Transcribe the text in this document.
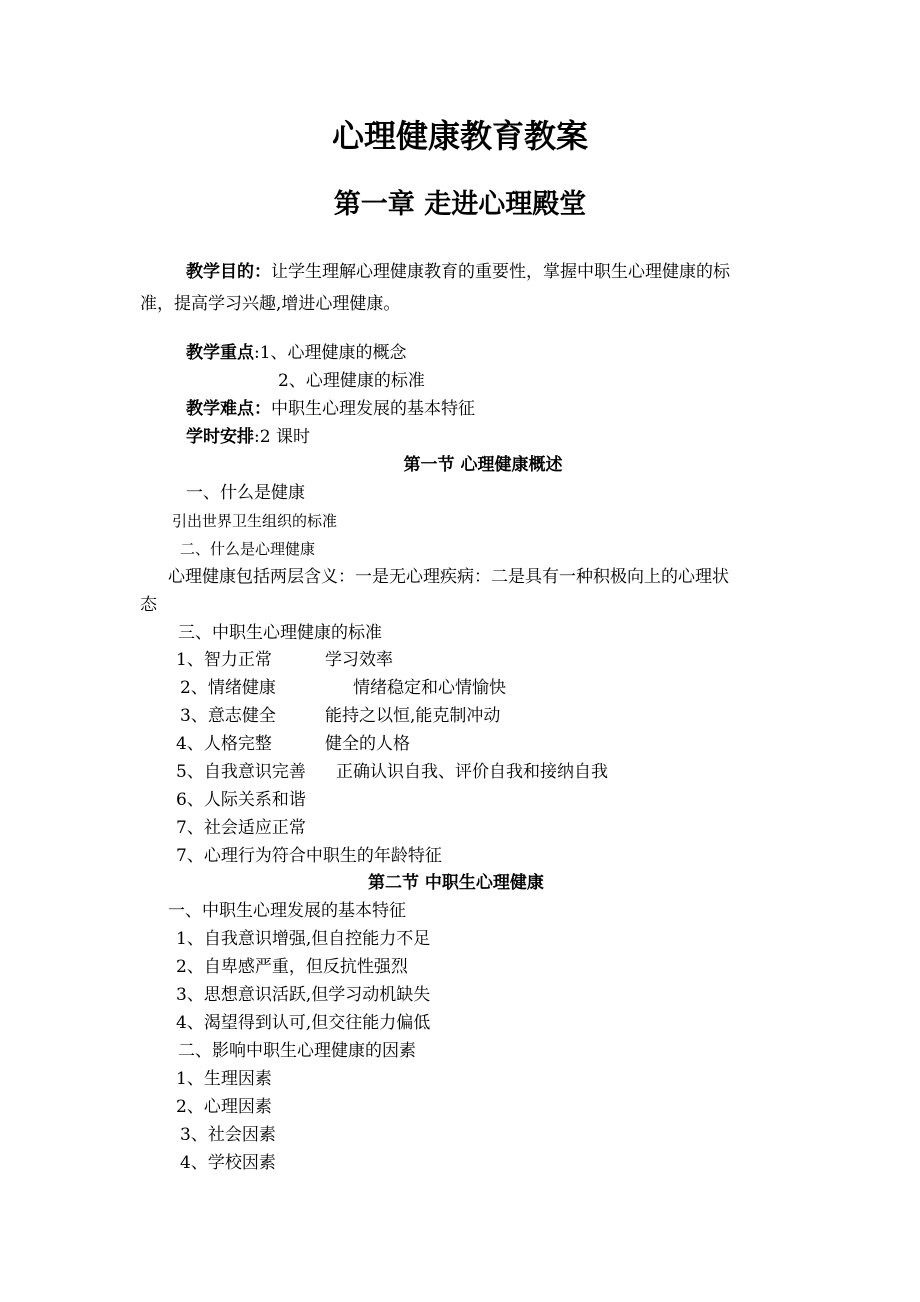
心理健康教育教案
第一章 走进心理殿堂
教学目的：让学生理解心理健康教育的重要性，掌握中职生心理健康的标
准，提高学习兴趣,增进心理健康。
教学重点:1、心理健康的概念
2、心理健康的标准
教学难点：中职生心理发展的基本特征
学时安排:2 课时
第一节 心理健康概述
一、什么是健康
引出世界卫生组织的标准
二、什么是心理健康
心理健康包括两层含义：一是无心理疾病：二是具有一种积极向上的心理状
态
三、中职生心理健康的标准
1、智力正常	学习效率
2、情绪健康	情绪稳定和心情愉快
3、意志健全	能持之以恒,能克制冲动
4、人格完整	健全的人格
5、自我意识完善 正确认识自我、评价自我和接纳自我
6、人际关系和谐
7、社会适应正常
7、心理行为符合中职生的年龄特征
第二节 中职生心理健康
一、中职生心理发展的基本特征
1、自我意识增强,但自控能力不足
2、自卑感严重，但反抗性强烈
3、思想意识活跃,但学习动机缺失
4、渴望得到认可,但交往能力偏低
二、影响中职生心理健康的因素
1、生理因素
2、心理因素
3、社会因素
4、学校因素
